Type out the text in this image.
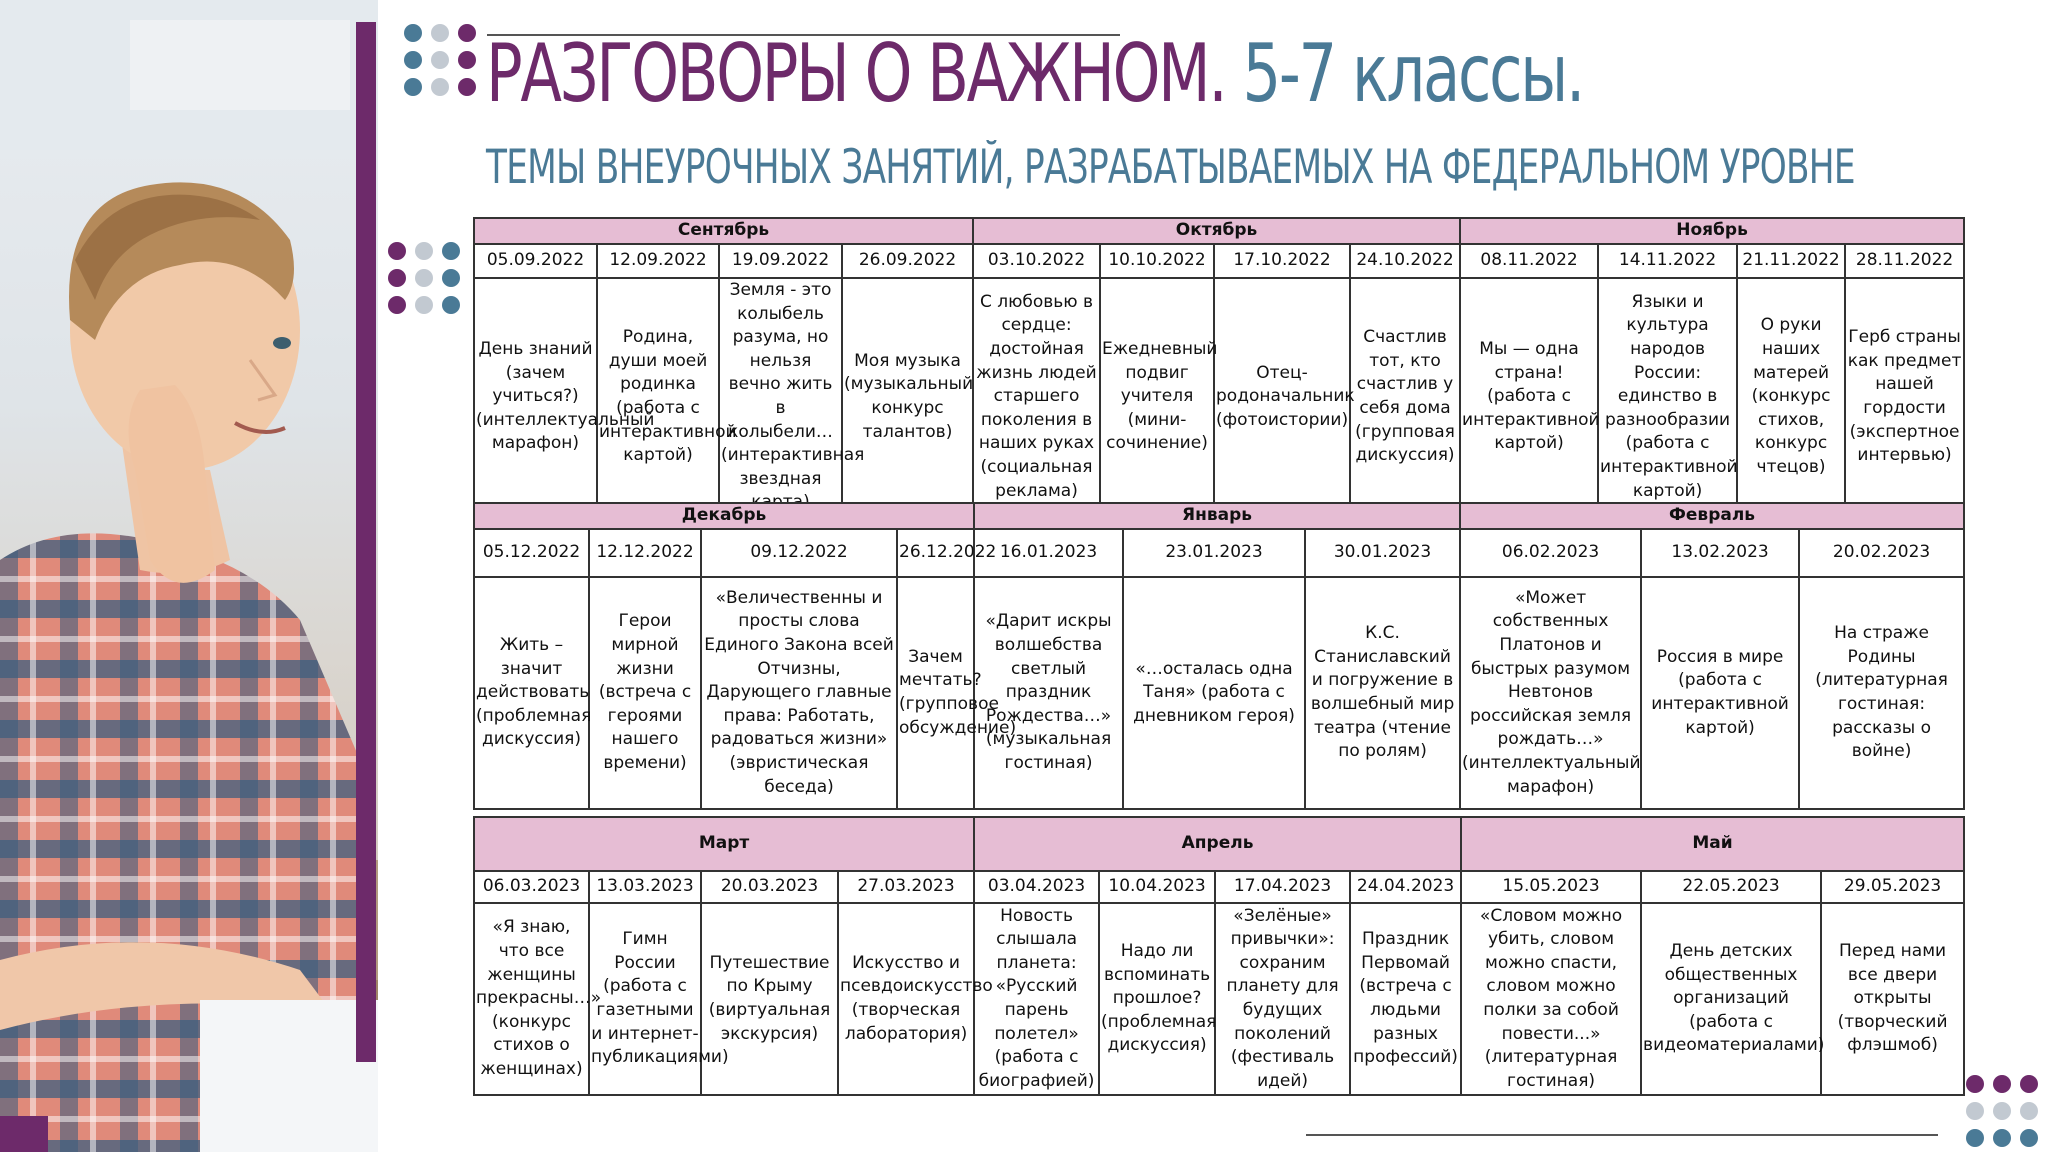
РАЗГОВОРЫ О ВАЖНОМ. 5-7 классы.
ТЕМЫ ВНЕУРОЧНЫХ ЗАНЯТИЙ, РАЗРАБАТЫВАЕМЫХ НА ФЕДЕРАЛЬНОМ УРОВНЕ
Сентябрь				Октябрь				Ноябрь			
05.09.2022	12.09.2022	19.09.2022	26.09.2022	03.10.2022	10.10.2022	17.10.2022	24.10.2022	08.11.2022	14.11.2022	21.11.2022	28.11.2022
День знаний (зачем учиться?) (интеллектуальный марафон)	Родина, души моей родинка (работа с интерактивной картой)	Земля - это колыбель разума, но нельзя вечно жить в колыбели… (интерактивная звездная	Моя музыка (музыкальный конкурс талантов)	С любовью в сердце: достойная жизнь людей старшего поколения в наших руках (социальная реклама)	Ежедневный подвиг учителя (мини-сочинение)	Отец-родоначальник (фотоистории)	Счастлив тот, кто счастлив у себя дома (групповая дискуссия)	Мы — одна страна! (работа с интерактивной картой)	Языки и культура народов России: единство в разнообразии (работа с интерактивной картой)	О руки наших матерей (конкурс стихов, конкурс чтецов)	Герб страны как предмет нашей гордости (экспертное интервью)
Декабрь				Январь			Февраль		
05.12.2022	12.12.2022	09.12.2022	26.12.2022	16.01.2023	23.01.2023	30.01.2023	06.02.2023	13.02.2023	20.02.2023
Жить – значит действовать (проблемная дискуссия)	Герои мирной жизни (встреча с героями нашего времени)	«Величественны и просты слова Единого Закона всей Отчизны, Дарующего главные права: Работать, радоваться жизни» (эвристическая беседа)	Зачем мечтать? (групповое обсуждение)	«Дарит искры волшебства светлый праздник Рождества…» (музыкальная гостиная)	«…осталась одна Таня» (работа с дневником героя)	К.С. Станиславский и погружение в волшебный мир театра (чтение по ролям)	«Может собственных Платонов и быстрых разумом Невтонов российская земля рождать…» (интеллектуальный марафон)	Россия в мире (работа с интерактивной картой)	На страже Родины (литературная гостиная: рассказы о войне)
Март				Апрель				Май		
06.03.2023	13.03.2023	20.03.2023	27.03.2023	03.04.2023	10.04.2023	17.04.2023	24.04.2023	15.05.2023	22.05.2023	29.05.2023
«Я знаю, что все женщины прекрасны…» (конкурс стихов о женщинах)	Гимн России (работа с газетными и интернет-публикациями)	Путешествие по Крыму (виртуальная экскурсия)	Искусство и псевдоискусство (творческая лаборатория)	Новость слышала планета: «Русский парень полетел» (работа с биографией)	Надо ли вспоминать прошлое? (проблемная дискуссия)	«Зелёные» привычки»: сохраним планету для будущих поколений (фестиваль идей)	Праздник Первомай (встреча с людьми разных профессий)	«Словом можно убить, словом можно спасти, словом можно полки за собой повести...» (литературная гостиная)	День детских общественных организаций (работа с видеоматериалами)	Перед нами все двери открыты (творческий флэшмоб)
